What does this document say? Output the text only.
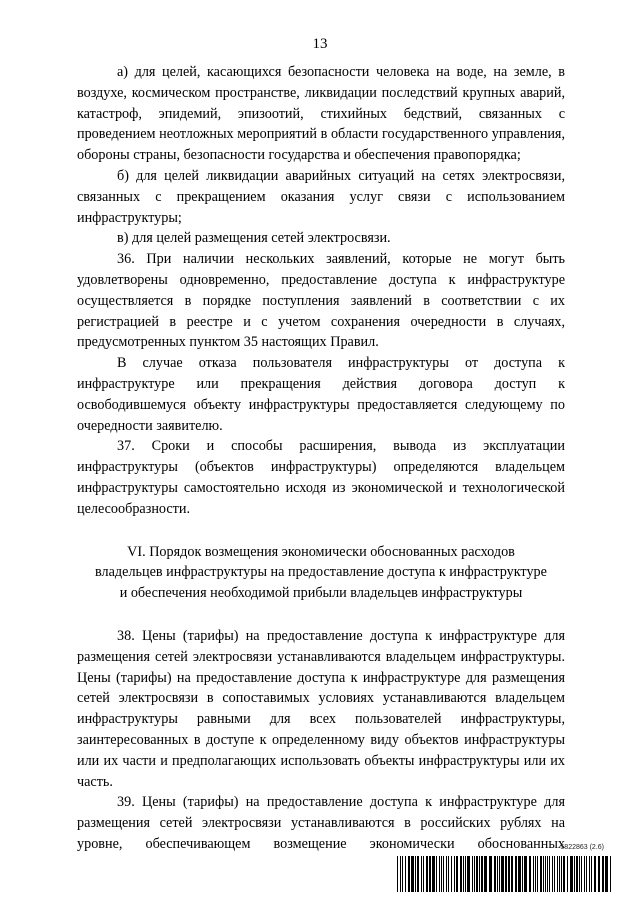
13

а) для целей, касающихся безопасности человека на воде, на земле, в воздухе, космическом пространстве, ликвидации последствий крупных аварий, катастроф, эпидемий, эпизоотий, стихийных бедствий, связанных с проведением неотложных мероприятий в области государственного управления, обороны страны, безопасности государства и обеспечения правопорядка;

б) для целей ликвидации аварийных ситуаций на сетях электросвязи, связанных с прекращением оказания услуг связи с использованием инфраструктуры;

в) для целей размещения сетей электросвязи.

36. При наличии нескольких заявлений, которые не могут быть удовлетворены одновременно, предоставление доступа к инфраструктуре осуществляется в порядке поступления заявлений в соответствии с их регистрацией в реестре и с учетом сохранения очередности в случаях, предусмотренных пунктом 35 настоящих Правил.

В случае отказа пользователя инфраструктуры от доступа к инфраструктуре или прекращения действия договора доступ к освободившемуся объекту инфраструктуры предоставляется следующему по очередности заявителю.

37. Сроки и способы расширения, вывода из эксплуатации инфраструктуры (объектов инфраструктуры) определяются владельцем инфраструктуры самостоятельно исходя из экономической и технологической целесообразности.

VI. Порядок возмещения экономически обоснованных расходов
владельцев инфраструктуры на предоставление доступа к инфраструктуре
и обеспечения необходимой прибыли владельцев инфраструктуры

38. Цены (тарифы) на предоставление доступа к инфраструктуре для размещения сетей электросвязи устанавливаются владельцем инфраструктуры. Цены (тарифы) на предоставление доступа к инфраструктуре для размещения сетей электросвязи в сопоставимых условиях устанавливаются владельцем инфраструктуры равными для всех пользователей инфраструктуры, заинтересованных в доступе к определенному виду объектов инфраструктуры или их части и предполагающих использовать объекты инфраструктуры или их часть.

39. Цены (тарифы) на предоставление доступа к инфраструктуре для размещения сетей электросвязи устанавливаются в российских рублях на уровне, обеспечивающем возмещение экономически обоснованных

5822863 (2.6)
